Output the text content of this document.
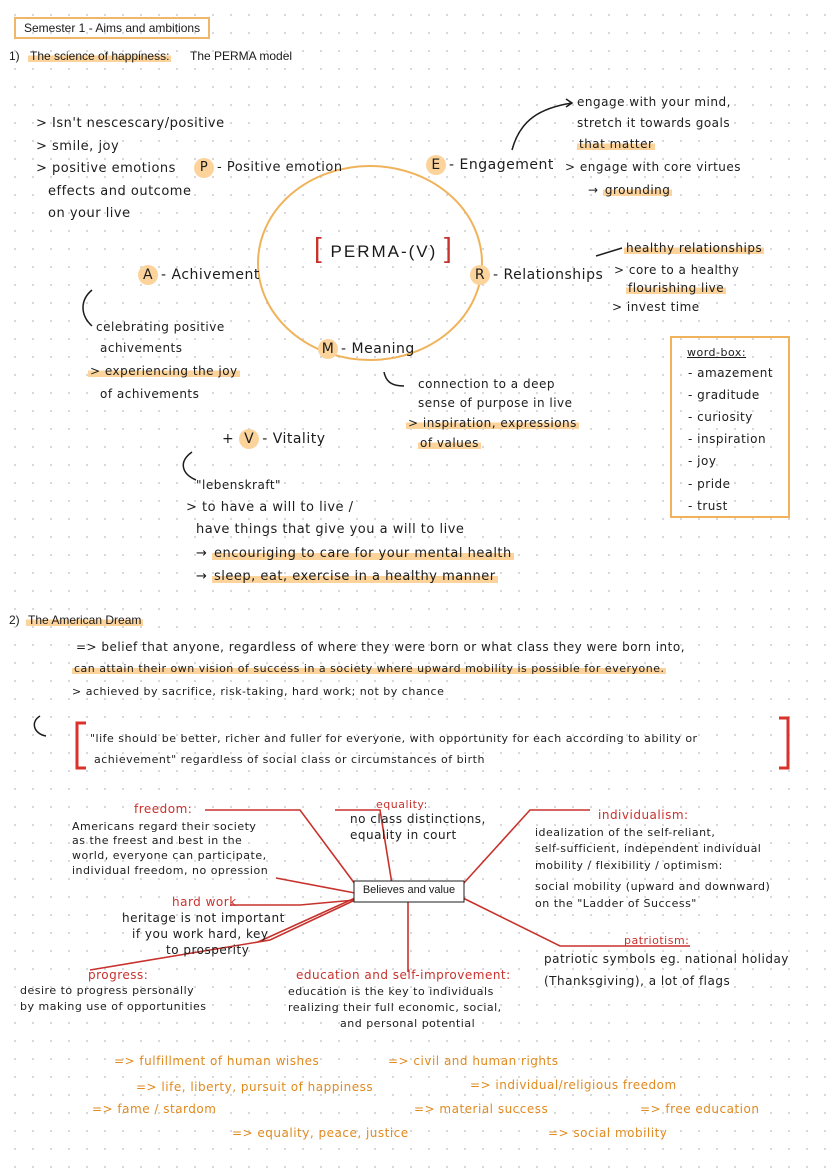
Semester 1 - Aims and ambitions
1) The science of happiness: The PERMA model
> Isn't nescescary/positive
> smile, joy
> positive emotions
effects and outcome
on your live
P - Positive emotion	E - Engagement
engage with your mind,
stretch it towards goals
that matter
> engage with core virtues
→ grounding
[ PERMA-(V) ]
A - Achivement
celebrating positive
achivements
> experiencing the joy
of achivements
R - Relationships
healthy relationships
> core to a healthy
flourishing live
> invest time
M - Meaning
connection to a deep
sense of purpose in live
> inspiration, expressions
of values
+ V - Vitality
"lebenskraft"
> to have a will to live /
have things that give you a will to live
→ encouriging to care for your mental health
→ sleep, eat, exercise in a healthy manner
word-box:
- amazement
- graditude
- curiosity
- inspiration
- joy
- pride
- trust
2) The American Dream
=> belief that anyone, regardless of where they were born or what class they were born into,
can attain their own vision of success in a society where upward mobility is possible for everyone.
> achieved by sacrifice, risk-taking, hard work; not by chance
"life should be better, richer and fuller for everyone, with opportunity for each according to ability or
achievement" regardless of social class or circumstances of birth
Believes and value
freedom:
Americans regard their society
as the freest and best in the
world, everyone can participate,
individual freedom, no opression
equality:
no class distinctions,
equality in court
individualism:
idealization of the self-reliant,
self-sufficient, independent individual
mobility / flexibility / optimism:
social mobility (upward and downward)
on the "Ladder of Success"
hard work
heritage is not important
if you work hard, key
to prosperity
patriotism:
patriotic symbols eg. national holiday
(Thanksgiving), a lot of flags
progress:
desire to progress personally
by making use of opportunities
education and self-improvement:
education is the key to individuals
realizing their full economic, social,
and personal potential
=> fulfillment of human wishes
=> life, liberty, pursuit of happiness
=> fame / stardom
=> equality, peace, justice
=> civil and human rights
=> individual/religious freedom
=> material success	=> free education
=> social mobility
